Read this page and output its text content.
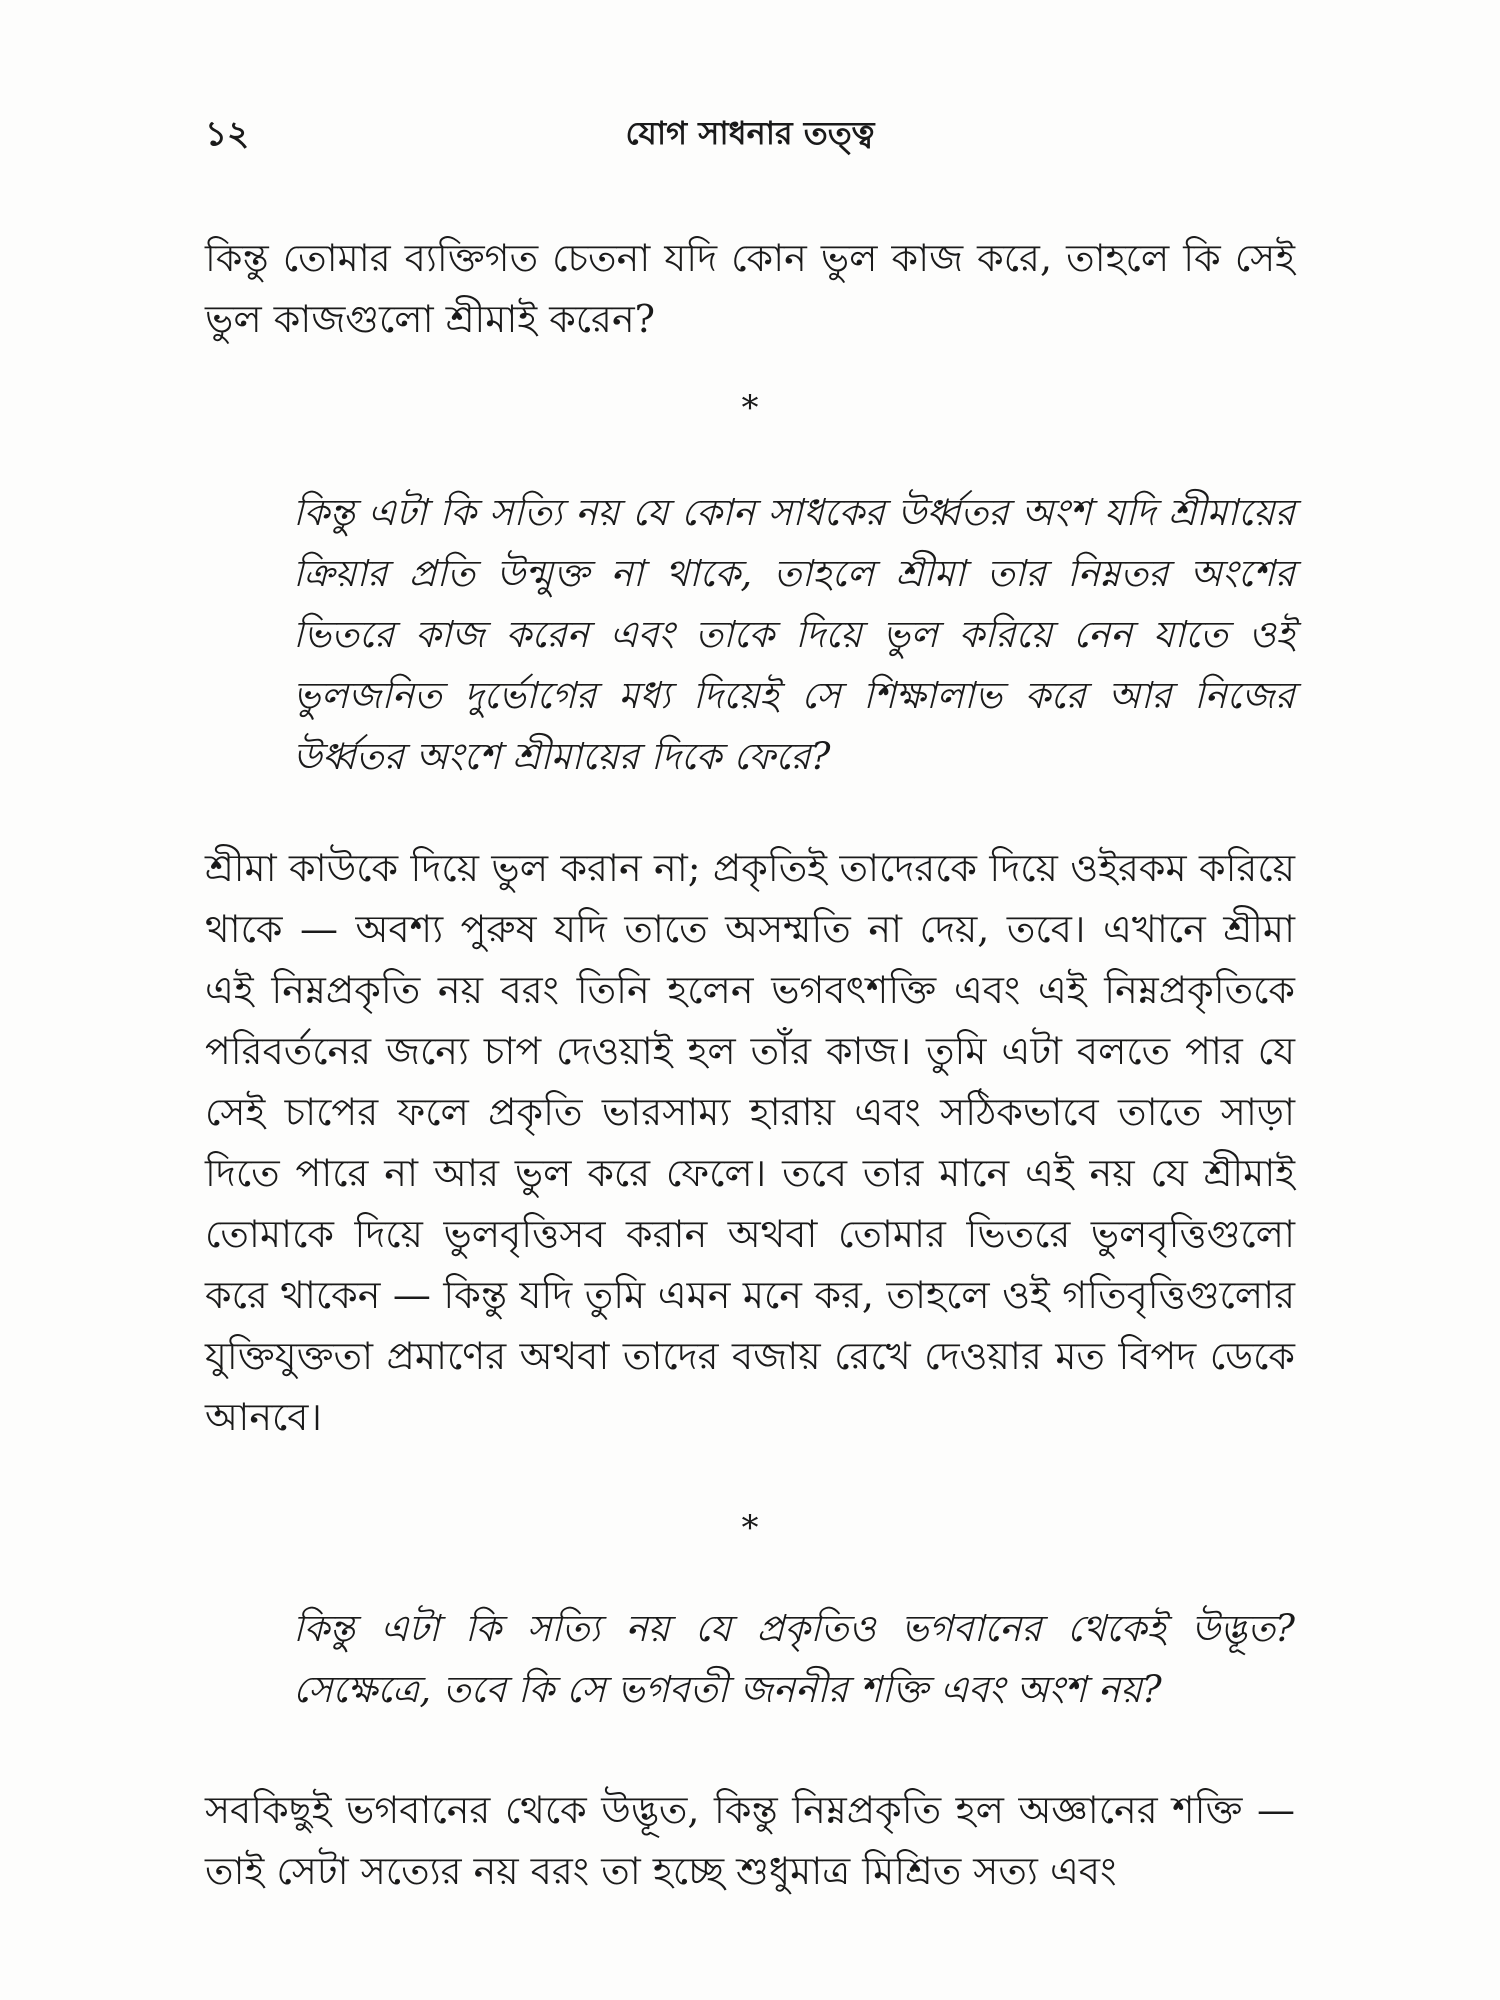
১২	যোগ সাধনার তত্ত্ব

কিন্তু তোমার ব্যক্তিগত চেতনা যদি কোন ভুল কাজ করে, তাহলে কি সেই ভুল কাজগুলো শ্রীমাই করেন?

*

কিন্তু এটা কি সত্যি নয় যে কোন সাধকের উর্ধ্বতর অংশ যদি শ্রীমায়ের ক্রিয়ার প্রতি উন্মুক্ত না থাকে, তাহলে শ্রীমা তার নিম্নতর অংশের ভিতরে কাজ করেন এবং তাকে দিয়ে ভুল করিয়ে নেন যাতে ওই ভুলজনিত দুর্ভোগের মধ্য দিয়েই সে শিক্ষালাভ করে আর নিজের উর্ধ্বতর অংশে শ্রীমায়ের দিকে ফেরে?

শ্রীমা কাউকে দিয়ে ভুল করান না; প্রকৃতিই তাদেরকে দিয়ে ওইরকম করিয়ে থাকে — অবশ্য পুরুষ যদি তাতে অসম্মতি না দেয়, তবে। এখানে শ্রীমা এই নিম্নপ্রকৃতি নয় বরং তিনি হলেন ভগবৎশক্তি এবং এই নিম্নপ্রকৃতিকে পরিবর্তনের জন্যে চাপ দেওয়াই হল তাঁর কাজ। তুমি এটা বলতে পার যে সেই চাপের ফলে প্রকৃতি ভারসাম্য হারায় এবং সঠিকভাবে তাতে সাড়া দিতে পারে না আর ভুল করে ফেলে। তবে তার মানে এই নয় যে শ্রীমাই তোমাকে দিয়ে ভুলবৃত্তিসব করান অথবা তোমার ভিতরে ভুলবৃত্তিগুলো করে থাকেন — কিন্তু যদি তুমি এমন মনে কর, তাহলে ওই গতিবৃত্তিগুলোর যুক্তিযুক্ততা প্রমাণের অথবা তাদের বজায় রেখে দেওয়ার মত বিপদ ডেকে আনবে।

*

কিন্তু এটা কি সত্যি নয় যে প্রকৃতিও ভগবানের থেকেই উদ্ভূত? সেক্ষেত্রে, তবে কি সে ভগবতী জননীর শক্তি এবং অংশ নয়?

সবকিছুই ভগবানের থেকে উদ্ভূত, কিন্তু নিম্নপ্রকৃতি হল অজ্ঞানের শক্তি — তাই সেটা সত্যের নয় বরং তা হচ্ছে শুধুমাত্র মিশ্রিত সত্য এবং
